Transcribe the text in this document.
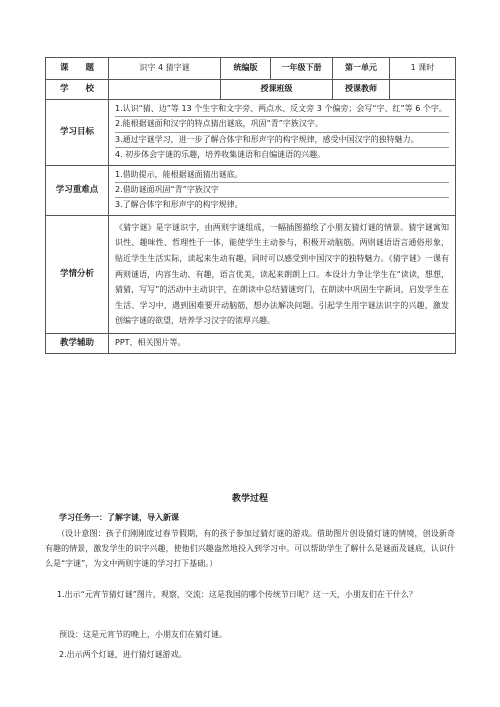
课　　题	识字 4 猜字谜	统编版	一年级下册	第一单元	1 课时
学　　校		授课班级		授课教师	
学习目标	1.认识“猜、边”等 13 个生字和文字旁、两点水、反文旁 3 个偏旁；会写“字、红”等 6 个字。

2.能根据谜面和汉字的特点猜出谜底，巩固“青”字族汉字。

3.通过字谜学习，进一步了解合体字和形声字的构字规律，感受中国汉字的独特魅力。

4. 初步体会字谜的乐趣，培养收集谜语和自编谜语的兴趣。				

学习重难点	1.借助提示，能根据谜面猜出谜底。

2.借助谜面巩固“青”字族汉字

3.了解合体字和形声字的构字规律。				

学情分析	《猜字谜》是字谜识字，由两则字谜组成，一幅插图描绘了小朋友猜灯谜的情景。猜字谜寓知识性、趣味性、哲理性于一体，能使学生主动参与，积极开动脑筋。两则谜语语言通俗形象，贴近学生生活实际，读起来生动有趣，同时可以感受到中国汉字的独特魅力。《猜字谜》一课有两则谜语，内容生动、有趣，语言优美，读起来朗朗上口。本设计力争让学生在“读读，想想，猜猜，写写”的活动中主动识字，在朗读中总结猜谜窍门，在朗读中巩固生字新词，启发学生在生活、学习中，遇到困难要开动脑筋，想办法解决问题。引起学生用字谜法识字的兴趣，激发创编字谜的欲望，培养学习汉字的浓厚兴趣。				

教学辅助	PPT、相关图片等。				
教学过程

学习任务一：了解字谜，导入新课

（设计意图：孩子们刚刚度过春节假期，有的孩子参加过猜灯谜的游戏。借助图片创设猜灯谜的情境，创设新奇有趣的情景，激发学生的识字兴趣，使他们兴趣盎然地投入到学习中。可以帮助学生了解什么是谜面及谜底，认识什么是“字谜”，为文中两则字谜的学习打下基础。）

1.出示“元宵节猜灯谜”图片，观察，交流：这是我国的哪个传统节日呢？这一天，小朋友们在干什么？

预设：这是元宵节的晚上，小朋友们在猜灯谜。

2.出示两个灯谜，进行猜灯谜游戏。
